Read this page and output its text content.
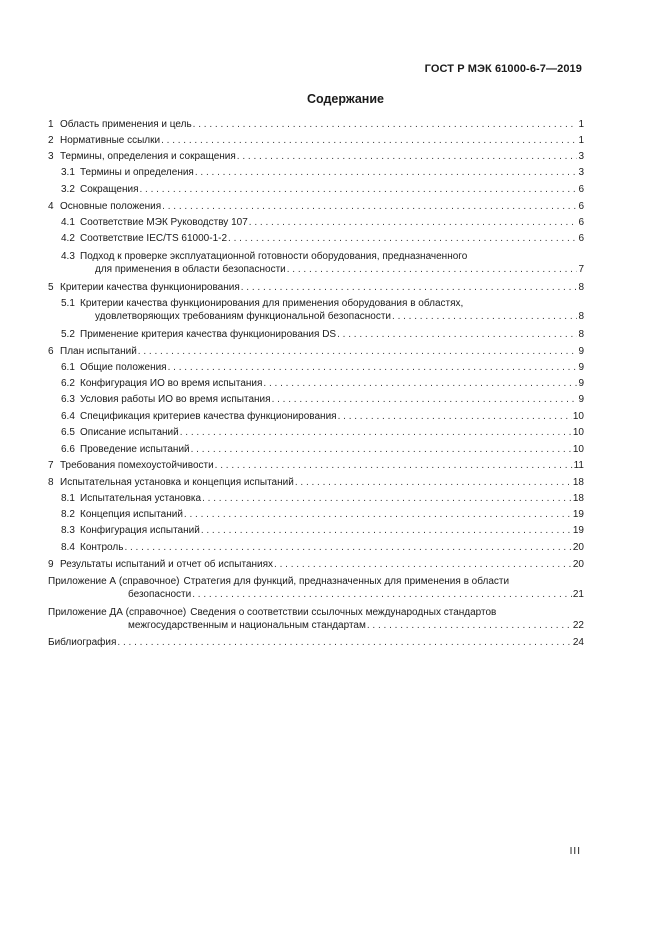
ГОСТ Р МЭК 61000-6-7—2019
Содержание
1 Область применения и цель . . .	1
2 Нормативные ссылки . . .	1
3 Термины, определения и сокращения . . .	3
3.1 Термины и определения . . .	3
3.2 Сокращения . . .	6
4 Основные положения . . .	6
4.1 Соответствие МЭК Руководству 107 . . .	6
4.2 Соответствие IEC/TS 61000-1-2 . . .	6
4.3 Подход к проверке эксплуатационной готовности оборудования, предназначенного
для применения в области безопасности . . .	7
5 Критерии качества функционирования . . .	8
5.1 Критерии качества функционирования для применения оборудования в областях,
удовлетворяющих требованиям функциональной безопасности . . .	8
5.2 Применение критерия качества функционирования DS . . .	8
6 План испытаний . . .	9
6.1 Общие положения . . .	9
6.2 Конфигурация ИО во время испытания . . .	9
6.3 Условия работы ИО во время испытания . . .	9
6.4 Спецификация критериев качества функционирования . . .	10
6.5 Описание испытаний . . .	10
6.6 Проведение испытаний . . .	10
7 Требования помехоустойчивости . . .	11
8 Испытательная установка и концепция испытаний . . .	18
8.1 Испытательная установка . . .	18
8.2 Концепция испытаний . . .	19
8.3 Конфигурация испытаний . . .	19
8.4 Контроль . . .	20
9 Результаты испытаний и отчет об испытаниях . . .	20
Приложение А (справочное) Стратегия для функций, предназначенных для применения в области
безопасности . . .	21
Приложение ДА (справочное) Сведения о соответствии ссылочных международных стандартов
межгосударственным и национальным стандартам . . .	22
Библиография . . .	24
III
